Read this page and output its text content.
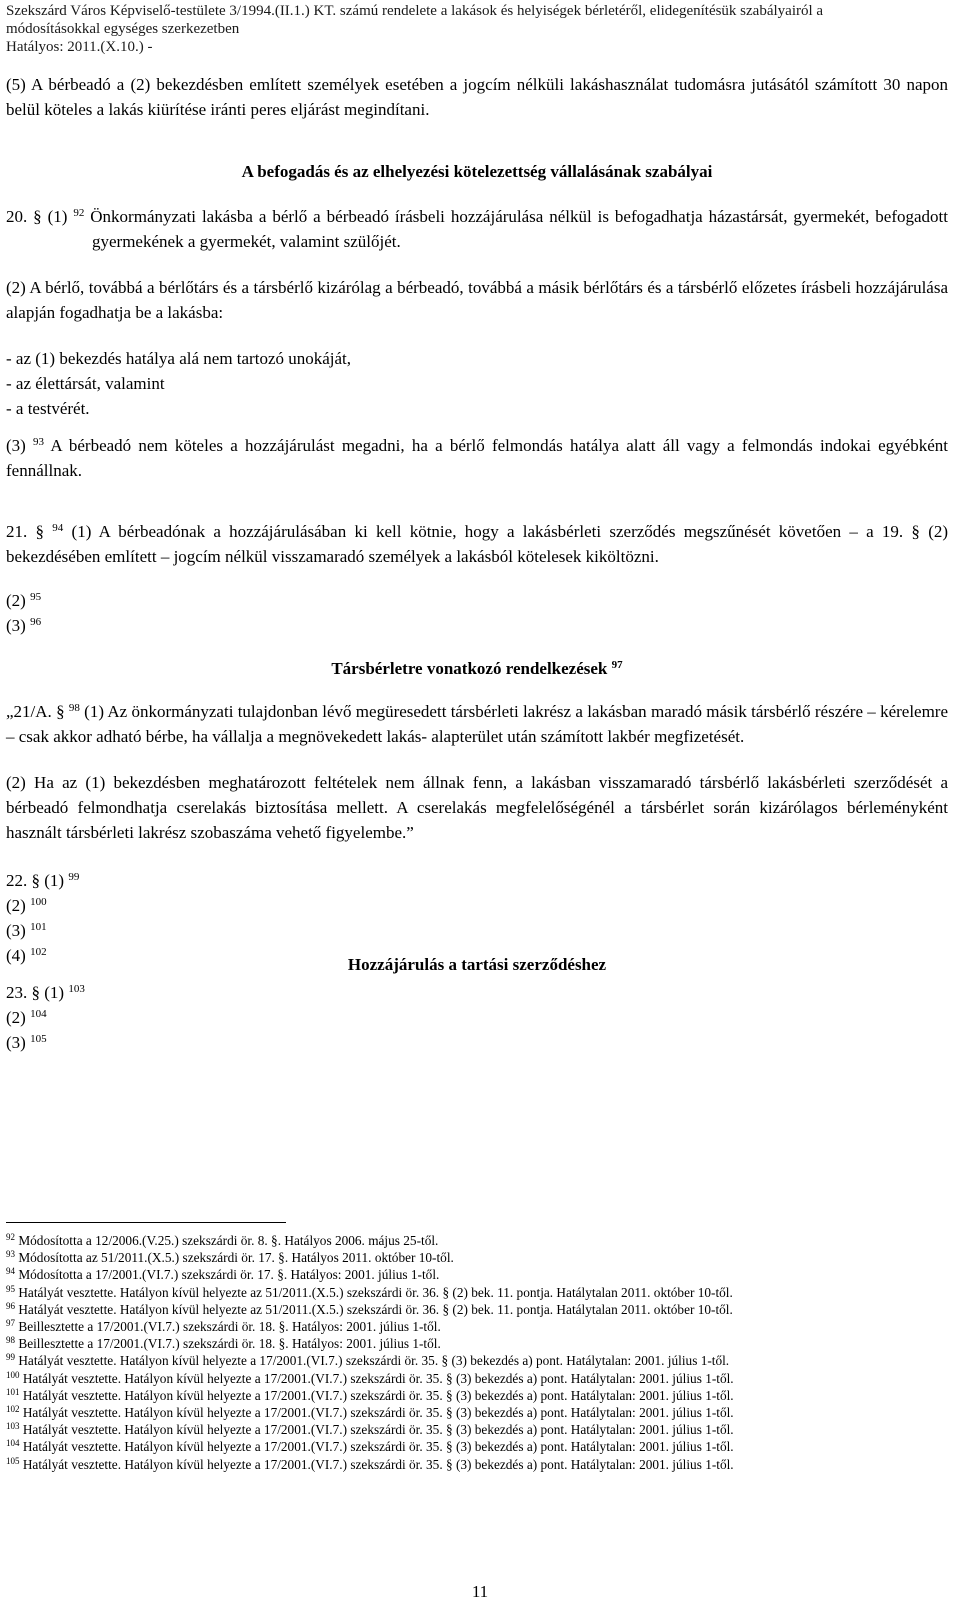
Szekszárd Város Képviselő-testülete 3/1994.(II.1.) KT. számú rendelete a lakások és helyiségek bérletéről, elidegenítésük szabályairól a
módosításokkal egységes szerkezetben
Hatályos: 2011.(X.10.) -

(5) A bérbeadó a (2) bekezdésben említett személyek esetében a jogcím nélküli lakáshasználat tudomásra jutásától számított 30 napon belül köteles a lakás kiürítése iránti peres eljárást megindítani.

A befogadás és az elhelyezési kötelezettség vállalásának szabályai

20. § (1) $^{92}$ Önkormányzati lakásba a bérlő a bérbeadó írásbeli hozzájárulása nélkül is befogadhatja házastársát, gyermekét, befogadott gyermekének a gyermekét, valamint szülőjét.

(2) A bérlő, továbbá a bérlőtárs és a társbérlő kizárólag a bérbeadó, továbbá a másik bérlőtárs és a társbérlő előzetes írásbeli hozzájárulása alapján fogadhatja be a lakásba:

- az (1) bekezdés hatálya alá nem tartozó unokáját,

- az élettársát, valamint

- a testvérét.

(3) $^{93}$ A bérbeadó nem köteles a hozzájárulást megadni, ha a bérlő felmondás hatálya alatt áll vagy a felmondás indokai egyébként fennállnak.

21. § $^{94}$ (1) A bérbeadónak a hozzájárulásában ki kell kötnie, hogy a lakásbérleti szerződés megszűnését követően – a 19. § (2) bekezdésében említett – jogcím nélkül visszamaradó személyek a lakásból kötelesek kiköltözni.

(2) $^{95}$

(3) $^{96}$

Társbérletre vonatkozó rendelkezések $^{97}$

„21/A. § $^{98}$ (1) Az önkormányzati tulajdonban lévő megüresedett társbérleti lakrész a lakásban maradó másik társbérlő részére – kérelemre – csak akkor adható bérbe, ha vállalja a megnövekedett lakás- alapterület után számított lakbér megfizetését.

(2) Ha az (1) bekezdésben meghatározott feltételek nem állnak fenn, a lakásban visszamaradó társbérlő lakásbérleti szerződését a bérbeadó felmondhatja cserelakás biztosítása mellett. A cserelakás megfelelőségénél a társbérlet során kizárólagos bérleményként használt társbérleti lakrész szobaszáma vehető figyelembe.”

22. § (1) $^{99}$

(2) $^{100}$

(3) $^{101}$

(4) $^{102}$

Hozzájárulás a tartási szerződéshez

23. § (1) $^{103}$

(2) $^{104}$

(3) $^{105}$

$^{92}$ Módosította a 12/2006.(V.25.) szekszárdi ör. 8. §. Hatályos 2006. május 25-től.
$^{93}$ Módosította az 51/2011.(X.5.) szekszárdi ör. 17. §. Hatályos 2011. október 10-től.
$^{94}$ Módosította a 17/2001.(VI.7.) szekszárdi ör. 17. §. Hatályos: 2001. július 1-től.
$^{95}$ Hatályát vesztette. Hatályon kívül helyezte az 51/2011.(X.5.) szekszárdi ör. 36. § (2) bek. 11. pontja. Hatálytalan 2011. október 10-től.
$^{96}$ Hatályát vesztette. Hatályon kívül helyezte az 51/2011.(X.5.) szekszárdi ör. 36. § (2) bek. 11. pontja. Hatálytalan 2011. október 10-től.
$^{97}$ Beillesztette a 17/2001.(VI.7.) szekszárdi ör. 18. §. Hatályos: 2001. július 1-től.
$^{98}$ Beillesztette a 17/2001.(VI.7.) szekszárdi ör. 18. §. Hatályos: 2001. július 1-től.
$^{99}$ Hatályát vesztette. Hatályon kívül helyezte a 17/2001.(VI.7.) szekszárdi ör. 35. § (3) bekezdés a) pont. Hatálytalan: 2001. július 1-től.
$^{100}$ Hatályát vesztette. Hatályon kívül helyezte a 17/2001.(VI.7.) szekszárdi ör. 35. § (3) bekezdés a) pont. Hatálytalan: 2001. július 1-től.
$^{101}$ Hatályát vesztette. Hatályon kívül helyezte a 17/2001.(VI.7.) szekszárdi ör. 35. § (3) bekezdés a) pont. Hatálytalan: 2001. július 1-től.
$^{102}$ Hatályát vesztette. Hatályon kívül helyezte a 17/2001.(VI.7.) szekszárdi ör. 35. § (3) bekezdés a) pont. Hatálytalan: 2001. július 1-től.
$^{103}$ Hatályát vesztette. Hatályon kívül helyezte a 17/2001.(VI.7.) szekszárdi ör. 35. § (3) bekezdés a) pont. Hatálytalan: 2001. július 1-től.
$^{104}$ Hatályát vesztette. Hatályon kívül helyezte a 17/2001.(VI.7.) szekszárdi ör. 35. § (3) bekezdés a) pont. Hatálytalan: 2001. július 1-től.
$^{105}$ Hatályát vesztette. Hatályon kívül helyezte a 17/2001.(VI.7.) szekszárdi ör. 35. § (3) bekezdés a) pont. Hatálytalan: 2001. július 1-től.
11
